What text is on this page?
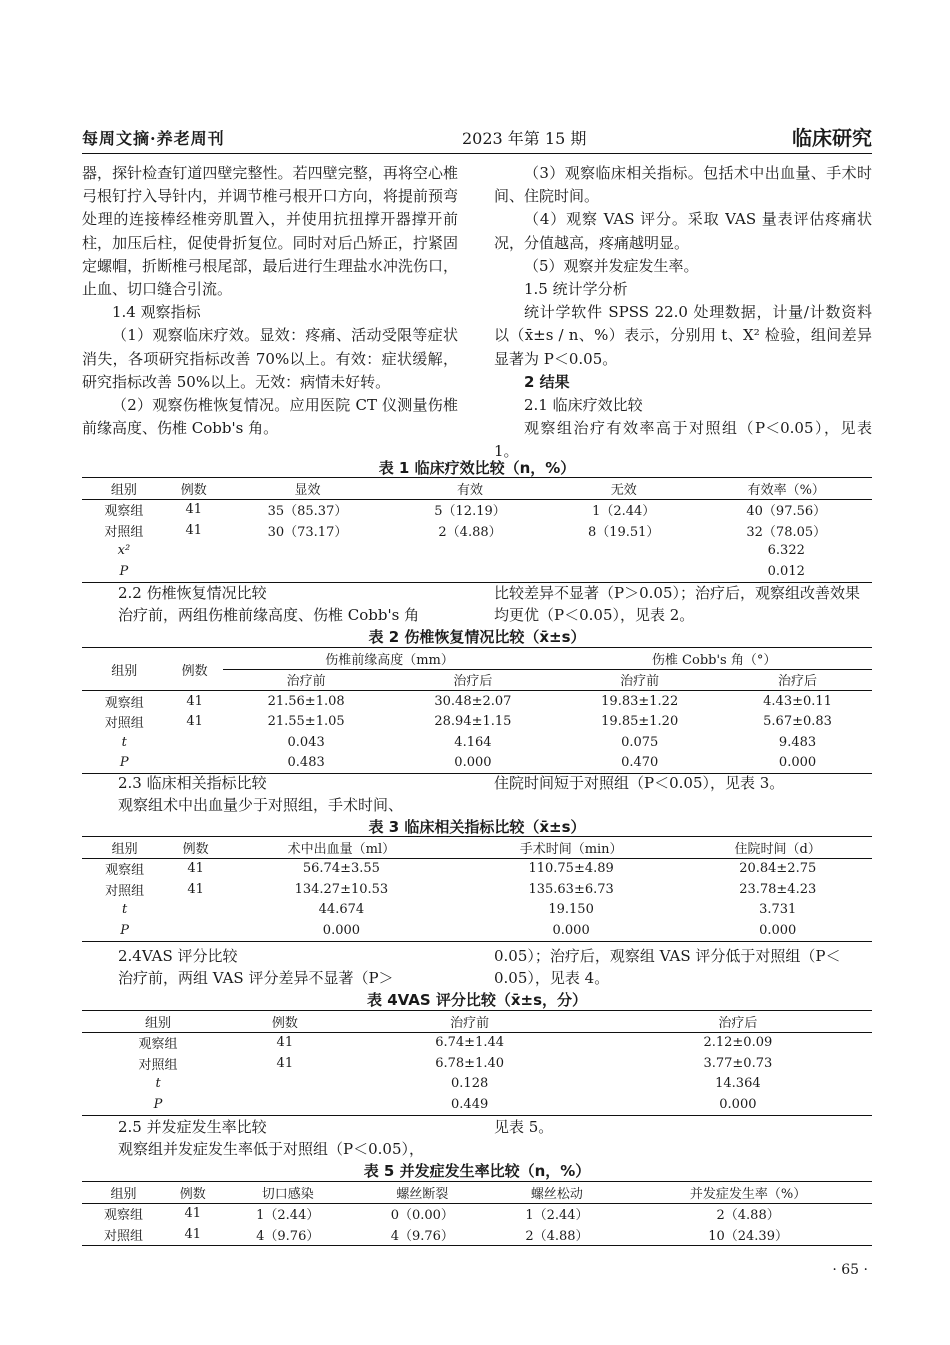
每周文摘·养老周刊	2023 年第 15 期	临床研究

器，探针检查钉道四壁完整性。若四壁完整，再将空心椎弓根钉拧入导针内，并调节椎弓根开口方向，将提前预弯处理的连接棒经椎旁肌置入，并使用抗扭撑开器撑开前柱，加压后柱，促使骨折复位。同时对后凸矫正，拧紧固定螺帽，折断椎弓根尾部，最后进行生理盐水冲洗伤口，止血、切口缝合引流。

1.4 观察指标

（1）观察临床疗效。显效：疼痛、活动受限等症状消失，各项研究指标改善 70%以上。有效：症状缓解，研究指标改善 50%以上。无效：病情未好转。

（2）观察伤椎恢复情况。应用医院 CT 仪测量伤椎前缘高度、伤椎 Cobb's 角。

（3）观察临床相关指标。包括术中出血量、手术时间、住院时间。

（4）观察 VAS 评分。采取 VAS 量表评估疼痛状况，分值越高，疼痛越明显。

（5）观察并发症发生率。

1.5 统计学分析

统计学软件 SPSS 22.0 处理数据，计量/计数资料以（x̄±s / n、%）表示，分别用 t、X² 检验，组间差异显著为 P＜0.05。

2 结果

2.1 临床疗效比较

观察组治疗有效率高于对照组（P＜0.05），见表 1。

表 1 临床疗效比较（n，%）
组别	例数	显效	有效	无效	有效率（%）
观察组	41	35（85.37）	5（12.19）	1（2.44）	40（97.56）
对照组	41	30（73.17）	2（4.88）	8（19.51）	32（78.05）
x²					6.322
P					0.012
2.2 伤椎恢复情况比较
治疗前，两组伤椎前缘高度、伤椎 Cobb's 角
比较差异不显著（P＞0.05）；治疗后，观察组改善效果均更优（P＜0.05），见表 2。
表 2 伤椎恢复情况比较（x̄±s）
组别	例数	伤椎前缘高度（mm）		伤椎 Cobb's 角（°）	
		治疗前	治疗后	治疗前	治疗后
观察组	41	21.56±1.08	30.48±2.07	19.83±1.22	4.43±0.11
对照组	41	21.55±1.05	28.94±1.15	19.85±1.20	5.67±0.83
t		0.043	4.164	0.075	9.483
P		0.483	0.000	0.470	0.000
2.3 临床相关指标比较
观察组术中出血量少于对照组，手术时间、
住院时间短于对照组（P＜0.05），见表 3。
表 3 临床相关指标比较（x̄±s）
组别	例数	术中出血量（ml）	手术时间（min）	住院时间（d）
观察组	41	56.74±3.55	110.75±4.89	20.84±2.75
对照组	41	134.27±10.53	135.63±6.73	23.78±4.23
t		44.674	19.150	3.731
P		0.000	0.000	0.000
2.4VAS 评分比较
治疗前，两组 VAS 评分差异不显著（P＞
0.05）；治疗后，观察组 VAS 评分低于对照组（P＜0.05），见表 4。
表 4VAS 评分比较（x̄±s，分）
组别	例数	治疗前	治疗后
观察组	41	6.74±1.44	2.12±0.09
对照组	41	6.78±1.40	3.77±0.73
t		0.128	14.364
P		0.449	0.000
2.5 并发症发生率比较
观察组并发症发生率低于对照组（P＜0.05），
见表 5。
表 5 并发症发生率比较（n，%）
组别	例数	切口感染	螺丝断裂	螺丝松动	并发症发生率（%）
观察组	41	1（2.44）	0（0.00）	1（2.44）	2（4.88）
对照组	41	4（9.76）	4（9.76）	2（4.88）	10（24.39）
· 65 ·
